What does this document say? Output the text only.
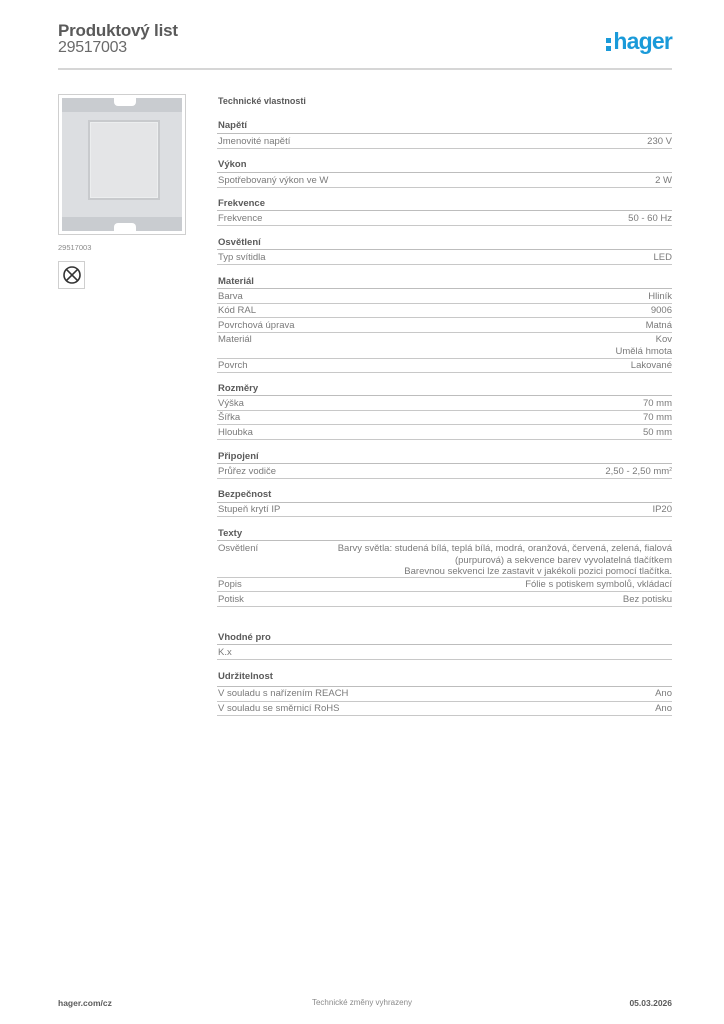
Produktový list
29517003	hager
29517003
Technické vlastnosti
Napětí
Jmenovité napětí	230 V
Výkon
Spotřebovaný výkon ve W	2 W
Frekvence
Frekvence	50 - 60 Hz
Osvětlení
Typ svítidla	LED
Materiál
Barva	Hliník
Kód RAL	9006
Povrchová úprava	Matná
Materiál	Kov
Umělá hmota
Povrch	Lakované
Rozměry
Výška	70 mm
Šířka	70 mm
Hloubka	50 mm
Připojení
Průřez vodiče	2,50 - 2,50 $mm^2$
Bezpečnost
Stupeň krytí IP	IP20
Texty
Osvětlení	Barvy světla: studená bílá, teplá bílá, modrá, oranžová, červená, zelená, fialová
(purpurová) a sekvence barev vyvolatelná tlačítkem
Barevnou sekvenci lze zastavit v jakékoli pozici pomocí tlačítka.
Popis	Fólie s potiskem symbolů, vkládací
Potisk	Bez potisku
Vhodné pro
K.x
Udržitelnost
V souladu s nařízením REACH	Ano
V souladu se směrnicí RoHS	Ano
Technické změny vyhrazeny
hager.com/cz	05.03.2026
